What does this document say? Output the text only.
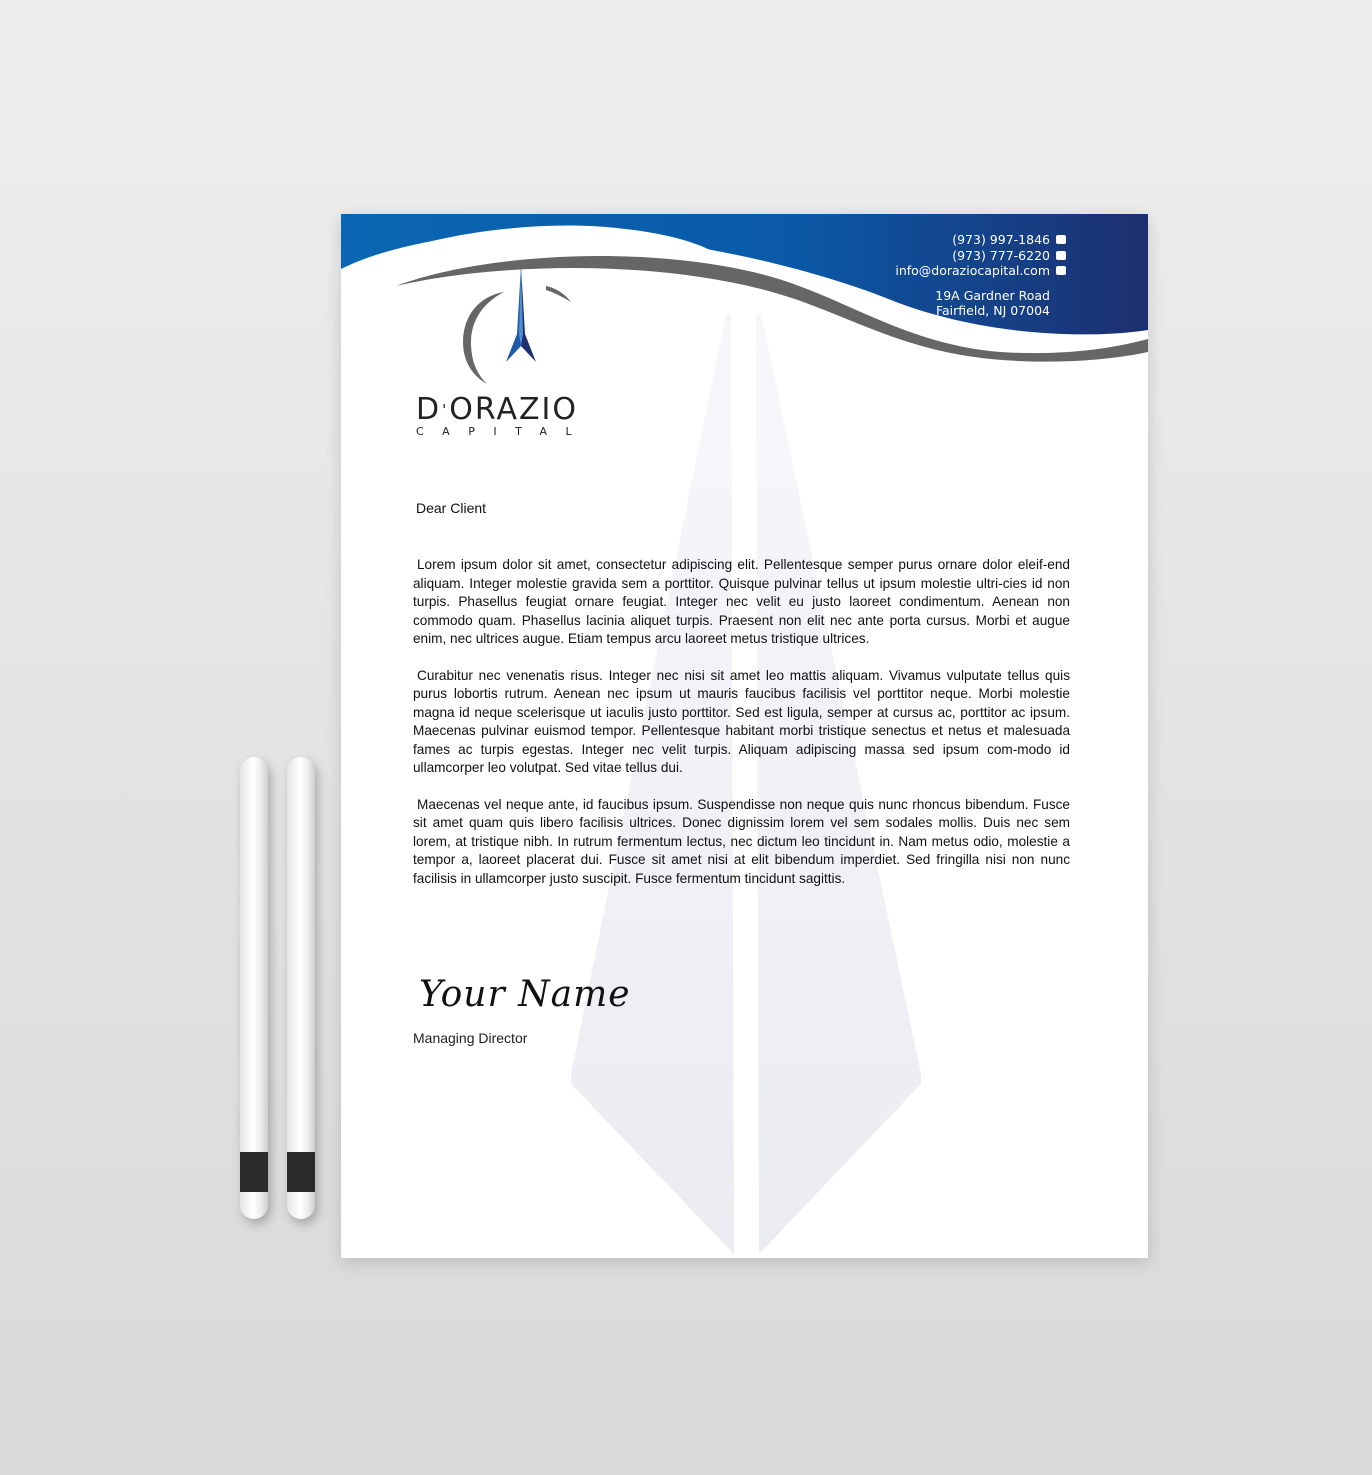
(973) 997-1846
(973) 777-6220
info@doraziocapital.com
19A Gardner Road
Fairfield, NJ 07004
D'ORAZIO
CAPITAL
Dear Client

Lorem ipsum dolor sit amet, consectetur adipiscing elit. Pellentesque semper purus ornare dolor eleif-end aliquam. Integer molestie gravida sem a porttitor. Quisque pulvinar tellus ut ipsum molestie ultri-cies id non turpis. Phasellus feugiat ornare feugiat. Integer nec velit eu justo laoreet condimentum. Aenean non commodo quam. Phasellus lacinia aliquet turpis. Praesent non elit nec ante porta cursus. Morbi et augue enim, nec ultrices augue. Etiam tempus arcu laoreet metus tristique ultrices.

Curabitur nec venenatis risus. Integer nec nisi sit amet leo mattis aliquam. Vivamus vulputate tellus quis purus lobortis rutrum. Aenean nec ipsum ut mauris faucibus facilisis vel porttitor neque. Morbi molestie magna id neque scelerisque ut iaculis justo porttitor. Sed est ligula, semper at cursus ac, porttitor ac ipsum. Maecenas pulvinar euismod tempor. Pellentesque habitant morbi tristique senectus et netus et malesuada fames ac turpis egestas. Integer nec velit turpis. Aliquam adipiscing massa sed ipsum com-modo id ullamcorper leo volutpat. Sed vitae tellus dui.

Maecenas vel neque ante, id faucibus ipsum. Suspendisse non neque quis nunc rhoncus bibendum. Fusce sit amet quam quis libero facilisis ultrices. Donec dignissim lorem vel sem sodales mollis. Duis nec sem lorem, at tristique nibh. In rutrum fermentum lectus, nec dictum leo tincidunt in. Nam metus odio, molestie a tempor a, laoreet placerat dui. Fusce sit amet nisi at elit bibendum imperdiet. Sed fringilla nisi non nunc facilisis in ullamcorper justo suscipit. Fusce fermentum tincidunt sagittis.

Your Name
Managing Director
